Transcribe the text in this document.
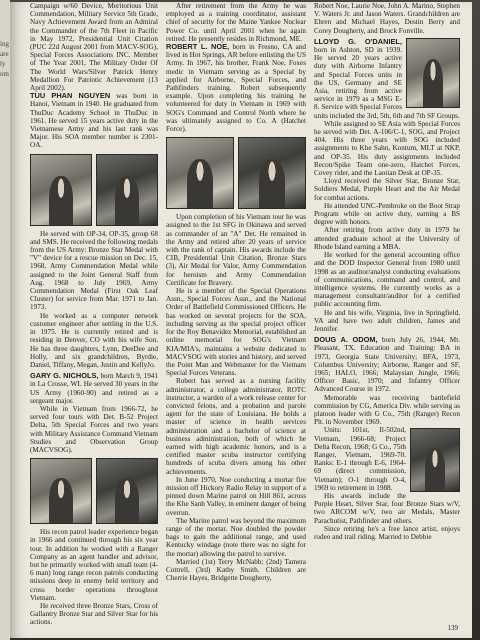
ing
are
ly
om

Campaign w/60 Device, Meritorious Unit Commendation, Military Service 5th Grade, Navy Achievement Award from an Admiral the Commander of the 7th Fleet in Pacific in May 1972, Presidential Unit Citation (PUC 22d August 2001 from MACV-SOG), Special Forces Associations INC. Member of The Year 2001, The Military Order Of The World Wars/Silver Patrick Henry Medallion For Patriotic Achievement (13 April 2002).

TUU PHAN NGUYEN was born in Hanoi, Vietnam in 1940. He graduated from ThuDuc Academy School in ThuDuc in 1961. He served 15 years active duty in the Vietnamese Army and his last rank was Major. His SOA member number is 2301-OA.

He served with OP-34, OP-35, group 68 and SMS. He received the following medals from the US Army: Bronze Star Medal with "V" device for a rescue mission on Dec. 15, 1968, Army Commendation Medal while assigned to the Joint General Staff from Aug. 1968 to July 1969, Army Commendation Medal (First Oak Leaf Cluster) for service from Mar. 1971 to Jan. 1973.

He worked as a computer network customer engineer after settling in the U.S. in 1975. He is currently retired and is residing in Denver, CO with his wife Son. He has three daughters, Lynn, DeeDee and Holly, and six grandchildren, Byrdie, Daniel, Tiffany, Megan, Justin and KellyJo.

GARY G. NICHOLS, born March 9, 1941 in La Crosse, WI. He served 30 years in the US Army (1960-90) and retired as a sergeant major.

While in Vietnam from 1966-72, he served four tours with Det. B-52 Project Delta, 5th Special Forces and two years with Military Assistance Command Vietnam Studies and Observation Group (MACVSOG).

His recon patrol leader experience began in 1966 and continued through his six year tour. In addition he worked with a Ranger Company as an agent handler and advisor, but he primarily worked with small team (4-6 man) long range recon patrols conducting missions deep in enemy held territory and cross border operations throughout Vietnam.

He received three Bronze Stars, Cross of Gallantry Bronze Star and Silver Star for his actions.

After retirement from the Army he was employed as a training coordinator, assistant chief of security for the Maine Yankee Nuclear Power Co. until April 2001 when he again retired. He presently resides in Richmond, ME.

ROBERT L. NOE, born in Fresno, CA and lived in Hot Springs, AR before enlisting the US Army. In 1967, his brother, Frank Noe, Foxes medic in Vietnam serving as a Special by applied for Airborne, Special Forces, and Pathfinders training. Robert subsequently example. Upon completing his training he volunteered for duty in Vietnam in 1969 with SOG's Command and Control North where he was ultimately assigned to Co. A (Hatchet Force).

Upon completion of his Vietnam tour he was assigned to the 1st SFG in Okinawa and served as commander of an "A" Det. He remained in the Army and retired after 20 years of service with the rank of captain. His awards include the CIB, Presidential Unit Citation, Bronze Stars (3), Air Medal for Valor, Army Commendation for heroism and Army Commendation Certificate for Bravery.

He is a member of the Special Operations Assn., Special Forces Assn., and the National Order of Battlefield Commissioned Officers. He has worked on several projects for the SOA, including serving as the special project officer for the Roy Benavidez Memorial, established an online memorial for SOG's Vietnam KIA/MIA's, maintains a website dedicated to MACVSOG with stories and history, and served the Point Man and Webmaster for the Vietnam Special Forces Veterans.

Robert has served as a nursing facility administrator, a college administrator, ROTC instructor, a warden of a work release center for convicted felons, and a probation and parole agent for the state of Louisiana. He holds a master of science in health services administration and a bachelor of science at business administration, both of which he earned with high academic honors, and is a certified master scuba instructor certifying hundreds of scuba divers among his other achievements.

In June 1970, Noe conducting a mortar fire mission off Hickory Radio Relay in support of a pinned down Marine patrol on Hill 861, across the Khe Sanh Valley, in eminent danger of being overrun.

The Marine patrol was beyond the maximum range of the mortar. Noe doubled the powder bags to gain the additional range, and used Kentucky windage (note there was no sight for the mortar) allowing the patrol to survive.

Married (1st) Terry McNabb; (2nd) Tamera Cottrell, (3rd) Kathy Smith. Children are Cherrie Hayes, Bridgette Dougherty,

Robert Noe, Laurie Noe, John A. Marino, Stephen V. Waters Jr. and Jason Waters. Grandchildren are Ehren and Michael Hayes, Destin Berry and Corey Dougherty, and Brock Fonville.

LLOYD G. O'DANIEL, born in Ashton, SD in 1939. He served 20 years active duty with Airborne Infantry and Special Forces units in the US, Germany and SE Asia, retiring from active service in 1979 as a MSG E-8. Service with Special Forces units included the 3rd, 5th, 6th and 7th SF Groups.

While assigned to SE Asia with Special Forces he served with Det. A-106/C-1, SOG, and Project 404. His three years with SOG included assignments to Khe Sahn, Kontum, MLT at NKP, and OP-35. His duty assignments included Recon/Spike Team one-zero, Hatchet Forces, Covey rider, and the Laotian Desk at OP-35.

Lloyd received the Silver Star, Bronze Star, Soldiers Medal, Purple Heart and the Air Medal for combat actions.

He attended UNC-Pembroke on the Boot Strap Program while on active duty, earning a BS degree with honors.

After retiring from active duty in 1979 he attended graduate school at the University of Rhode Island earning a MBA.

He worked for the general accounting office and the DOD Inspector General from 1980 until 1998 as an auditor/analyst conducting evaluations of communications, command and control, and intelligence systems. He currently works as a management consultant/auditor for a certified public accounting firm.

He and his wife, Virginia, live in Springfield, VA and have two adult children, James and Jennifer.

DOUG A. ODOM, born July 26, 1944, Mt. Pleasant, TX. Education and Training: BA in 1973, Georgia State University; BFA, 1973, Columbus University; Airborne, Ranger and SF, 1965; HALO, 1966; Malaysian Jungle, 1966; Officer Basic, 1970; and Infantry Officer Advanced Course in 1972.

Memorable was receiving battlefield commission by CG, America Div. while serving as platoon leader with G Co., 75th (Ranger) Recon Plt. in November 1969.

Units: 101st, Il-502nd, Vietnam, 1966-68; Project Delta Recon, 1968; G Co., 75th Ranger, Vietnam, 1969-70. Ranks: E-1 through E-6, 1964-69 (direct commission, Vietnam); O-1 through O-4, 1969 to retirement in 1988.

His awards include the Purple Heart, Silver Star, four Bronze Stars w/V, two ARCOM w/V, two air Medals, Master Parachutist, Pathfinder and others.

Since retiring he's a free lance artist, enjoys rodeo and trail riding. Married to Debbie

139
